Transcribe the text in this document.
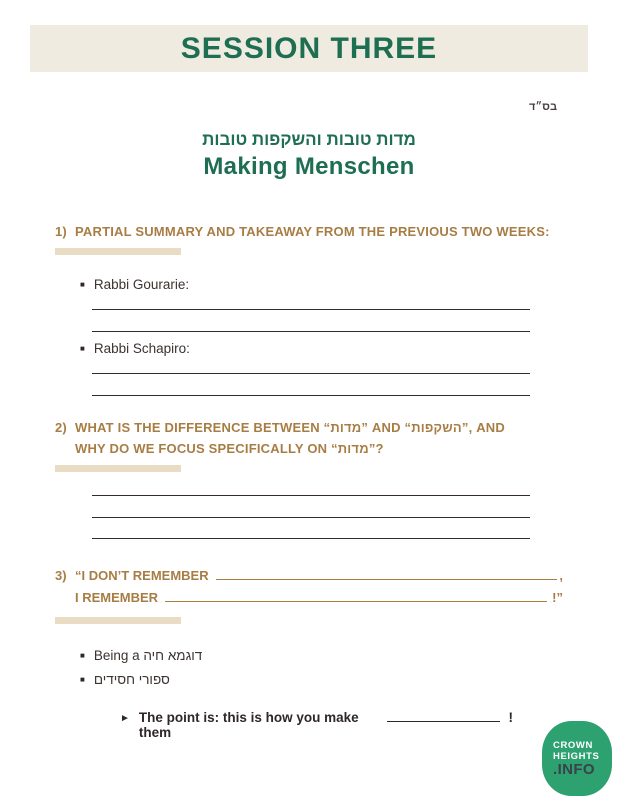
SESSION THREE
בס״ד
מדות טובות והשקפות טובות
Making Menschen
1) PARTIAL SUMMARY AND TAKEAWAY FROM THE PREVIOUS TWO WEEKS:
■ Rabbi Gourarie:
■ Rabbi Schapiro:
2) WHAT IS THE DIFFERENCE BETWEEN “מדות” AND “השקפות”, AND
WHY DO WE FOCUS SPECIFICALLY ON “מדות”?
3) “I DON’T REMEMBER	,
I REMEMBER	!”
■ Being a דוגמא חיה
■ ספורי חסידים
► The point is: this is how you make them
!
CROWN
HEIGHTS
.INFO
